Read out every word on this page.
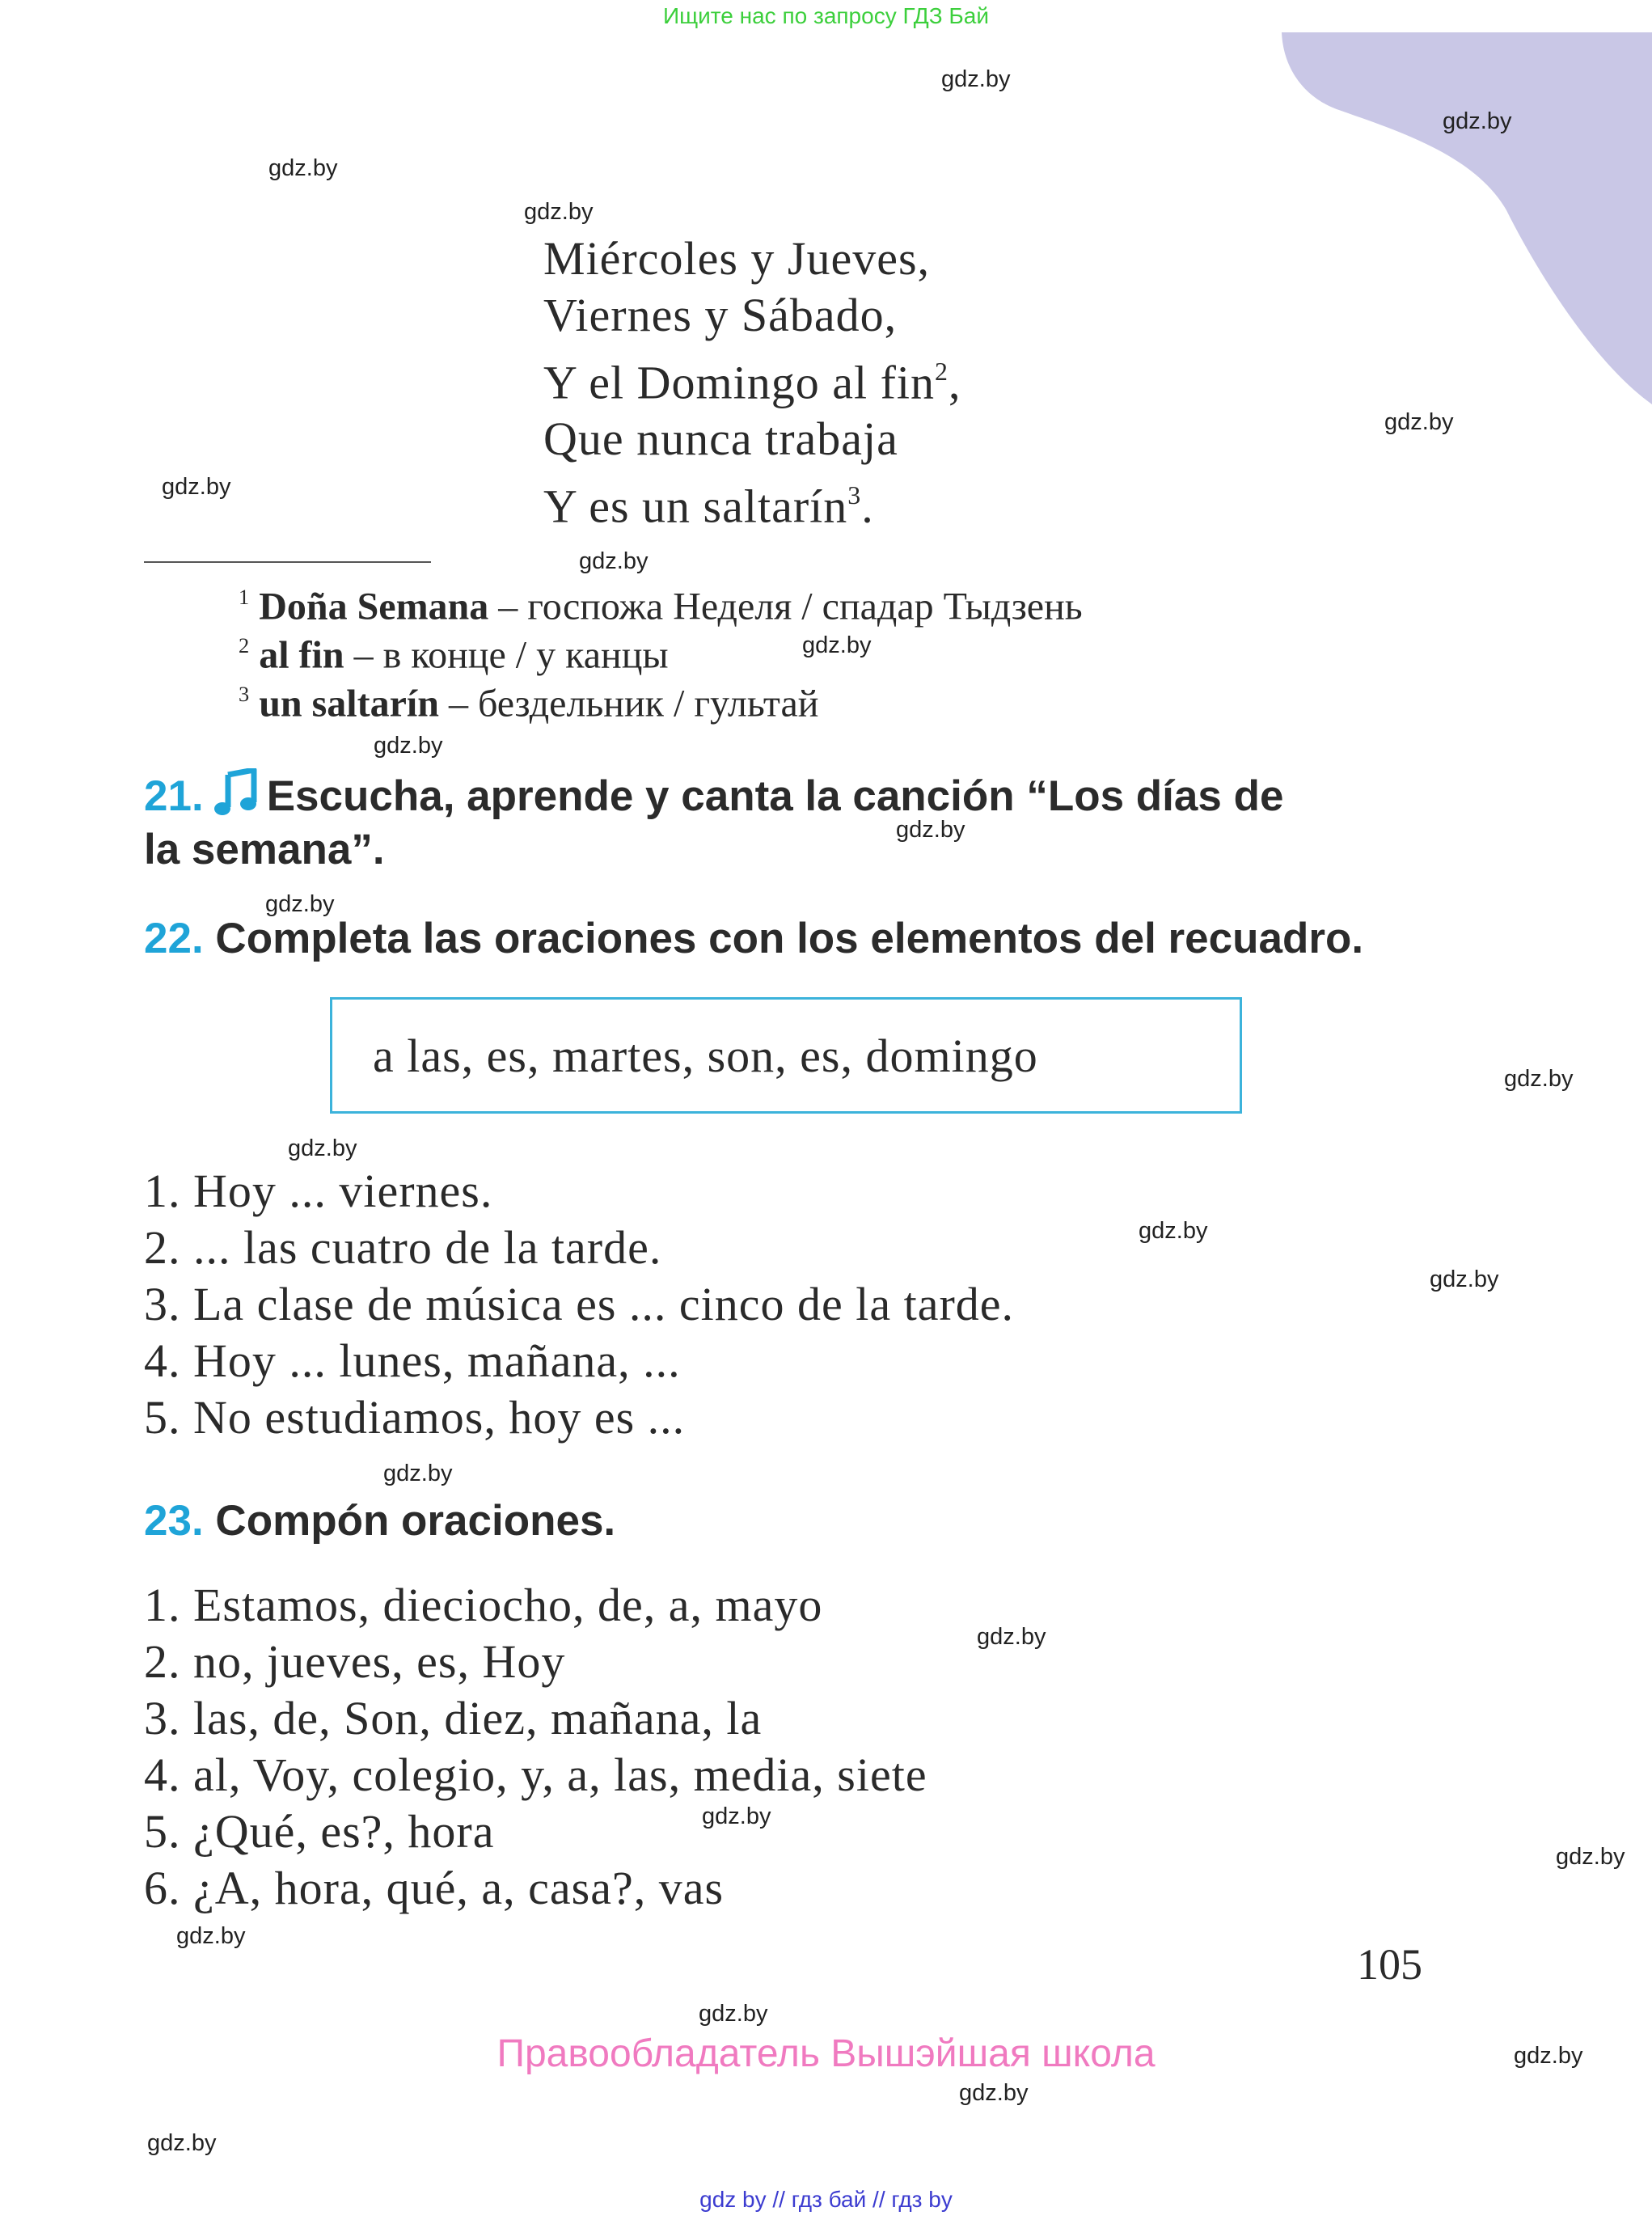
Ищите нас по запросу ГДЗ Бай
gdz.by
gdz.by
gdz.by
gdz.by
gdz.by
gdz.by
gdz.by
gdz.by
gdz.by
gdz.by
gdz.by
gdz.by
gdz.by
gdz.by
gdz.by
gdz.by
gdz.by
gdz.by
gdz.by
gdz.by
gdz.by
gdz.by
gdz.by
gdz.by
Miércoles y Jueves,
Viernes y Sábado,
Y el Domingo al fin$^2$,
Que nunca trabaja
Y es un saltarín$^3$.
$^1$ Doña Semana – госпожа Неделя / спадар Тыдзень
$^2$ al fin – в конце / у канцы
$^3$ un saltarín – бездельник / гультай
21. Escucha, aprende y canta la canción “Los días de
la semana”.
22. Completa las oraciones con los elementos del recuadro.
a las, es, martes, son, es, domingo
1. Hoy ... viernes.
2. ... las cuatro de la tarde.
3. La clase de música es ... cinco de la tarde.
4. Hoy ... lunes, mañana, ...
5. No estudiamos, hoy es ...
23. Compón oraciones.
1. Estamos, dieciocho, de, a, mayo
2. no, jueves, es, Hoy
3. las, de, Son, diez, mañana, la
4. al, Voy, colegio, y, a, las, media, siete
5. ¿Qué, es?, hora
6. ¿A, hora, qué, a, casa?, vas
105
Правообладатель Вышэйшая школа
gdz by // гдз бай // гдз by
